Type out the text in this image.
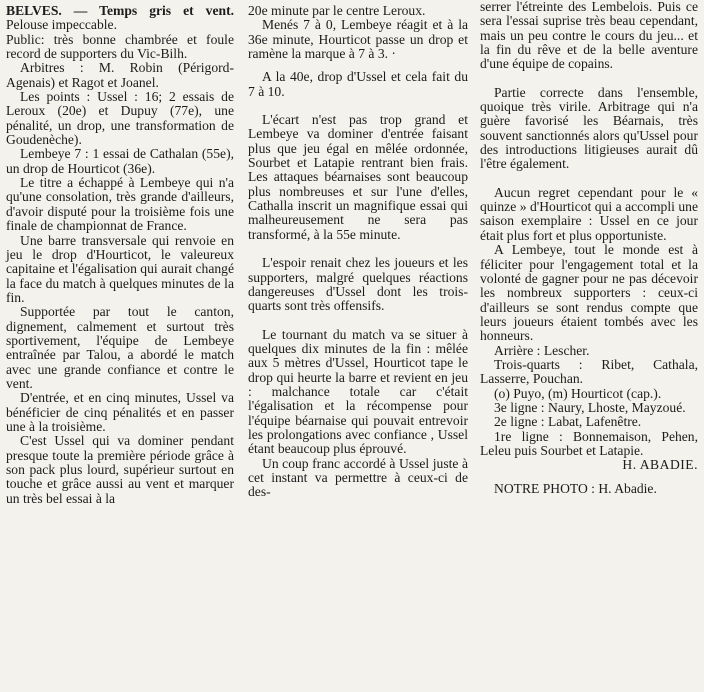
BELVES. — Temps gris et vent. Pelouse impeccable.

Public: très bonne chambrée et foule record de supporters du Vic-Bilh.

Arbitres : M. Robin (Périgord-Agenais) et Ragot et Joanel.

Les points : Ussel : 16; 2 essais de Leroux (20e) et Dupuy (77e), une pénalité, un drop, une transformation de Goudenèche).

Lembeye 7 : 1 essai de Cathalan (55e), un drop de Hourticot (36e).

Le titre a échappé à Lembeye qui n'a qu'une consolation, très grande d'ailleurs, d'avoir disputé pour la troisième fois une finale de championnat de France.

Une barre transversale qui renvoie en jeu le drop d'Hourticot, le valeureux capitaine et l'égalisation qui aurait changé la face du match à quelques minutes de la fin.

Supportée par tout le canton, dignement, calmement et surtout très sportivement, l'équipe de Lembeye entraînée par Talou, a abordé le match avec une grande confiance et contre le vent.

D'entrée, et en cinq minutes, Ussel va bénéficier de cinq pénalités et en passer une à la troisième.

C'est Ussel qui va dominer pendant presque toute la première période grâce à son pack plus lourd, supérieur surtout en touche et grâce aussi au vent et marquer un très bel essai à la

20e minute par le centre Leroux.

Menés 7 à 0, Lembeye réagit et à la 36e minute, Hourticot passe un drop et ramène la marque à 7 à 3. ·

A la 40e, drop d'Ussel et cela fait du 7 à 10.

L'écart n'est pas trop grand et Lembeye va dominer d'entrée faisant plus que jeu égal en mêlée ordonnée, Sourbet et Latapie rentrant bien frais. Les attaques béarnaises sont beaucoup plus nombreuses et sur l'une d'elles, Cathalla inscrit un magnifique essai qui malheureusement ne sera pas transformé, à la 55e minute.

L'espoir renait chez les joueurs et les supporters, malgré quelques réactions dangereuses d'Ussel dont les trois-quarts sont très offensifs.

Le tournant du match va se situer à quelques dix minutes de la fin : mêlée aux 5 mètres d'Ussel, Hourticot tape le drop qui heurte la barre et revient en jeu : malchance totale car c'était l'égalisation et la récompense pour l'équipe béarnaise qui pouvait entrevoir les prolongations avec confiance , Ussel étant beaucoup plus éprouvé.

Un coup franc accordé à Ussel juste à cet instant va permettre à ceux-ci de des-

serrer l'étreinte des Lembelois. Puis ce sera l'essai suprise très beau cependant, mais un peu contre le cours du jeu... et la fin du rêve et de la belle aventure d'une équipe de copains.

Partie correcte dans l'ensemble, quoique très virile. Arbitrage qui n'a guère favorisé les Béarnais, très souvent sanctionnés alors qu'Ussel pour des introductions litigieuses aurait dû l'être également.

Aucun regret cependant pour le « quinze » d'Hourticot qui a accompli une saison exemplaire : Ussel en ce jour était plus fort et plus opportuniste.

A Lembeye, tout le monde est à féliciter pour l'engagement total et la volonté de gagner pour ne pas décevoir les nombreux supporters : ceux-ci d'ailleurs se sont rendus compte que leurs joueurs étaient tombés avec les honneurs.

Arrière : Lescher.

Trois-quarts : Ribet, Cathala, Lasserre, Pouchan.

(o) Puyo, (m) Hourticot (cap.).

3e ligne : Naury, Lhoste, Mayzoué.

2e ligne : Labat, Lafenêtre.

1re ligne : Bonnemaison, Pehen, Leleu puis Sourbet et Latapie.

H. ABADIE.

NOTRE PHOTO : H. Abadie.
